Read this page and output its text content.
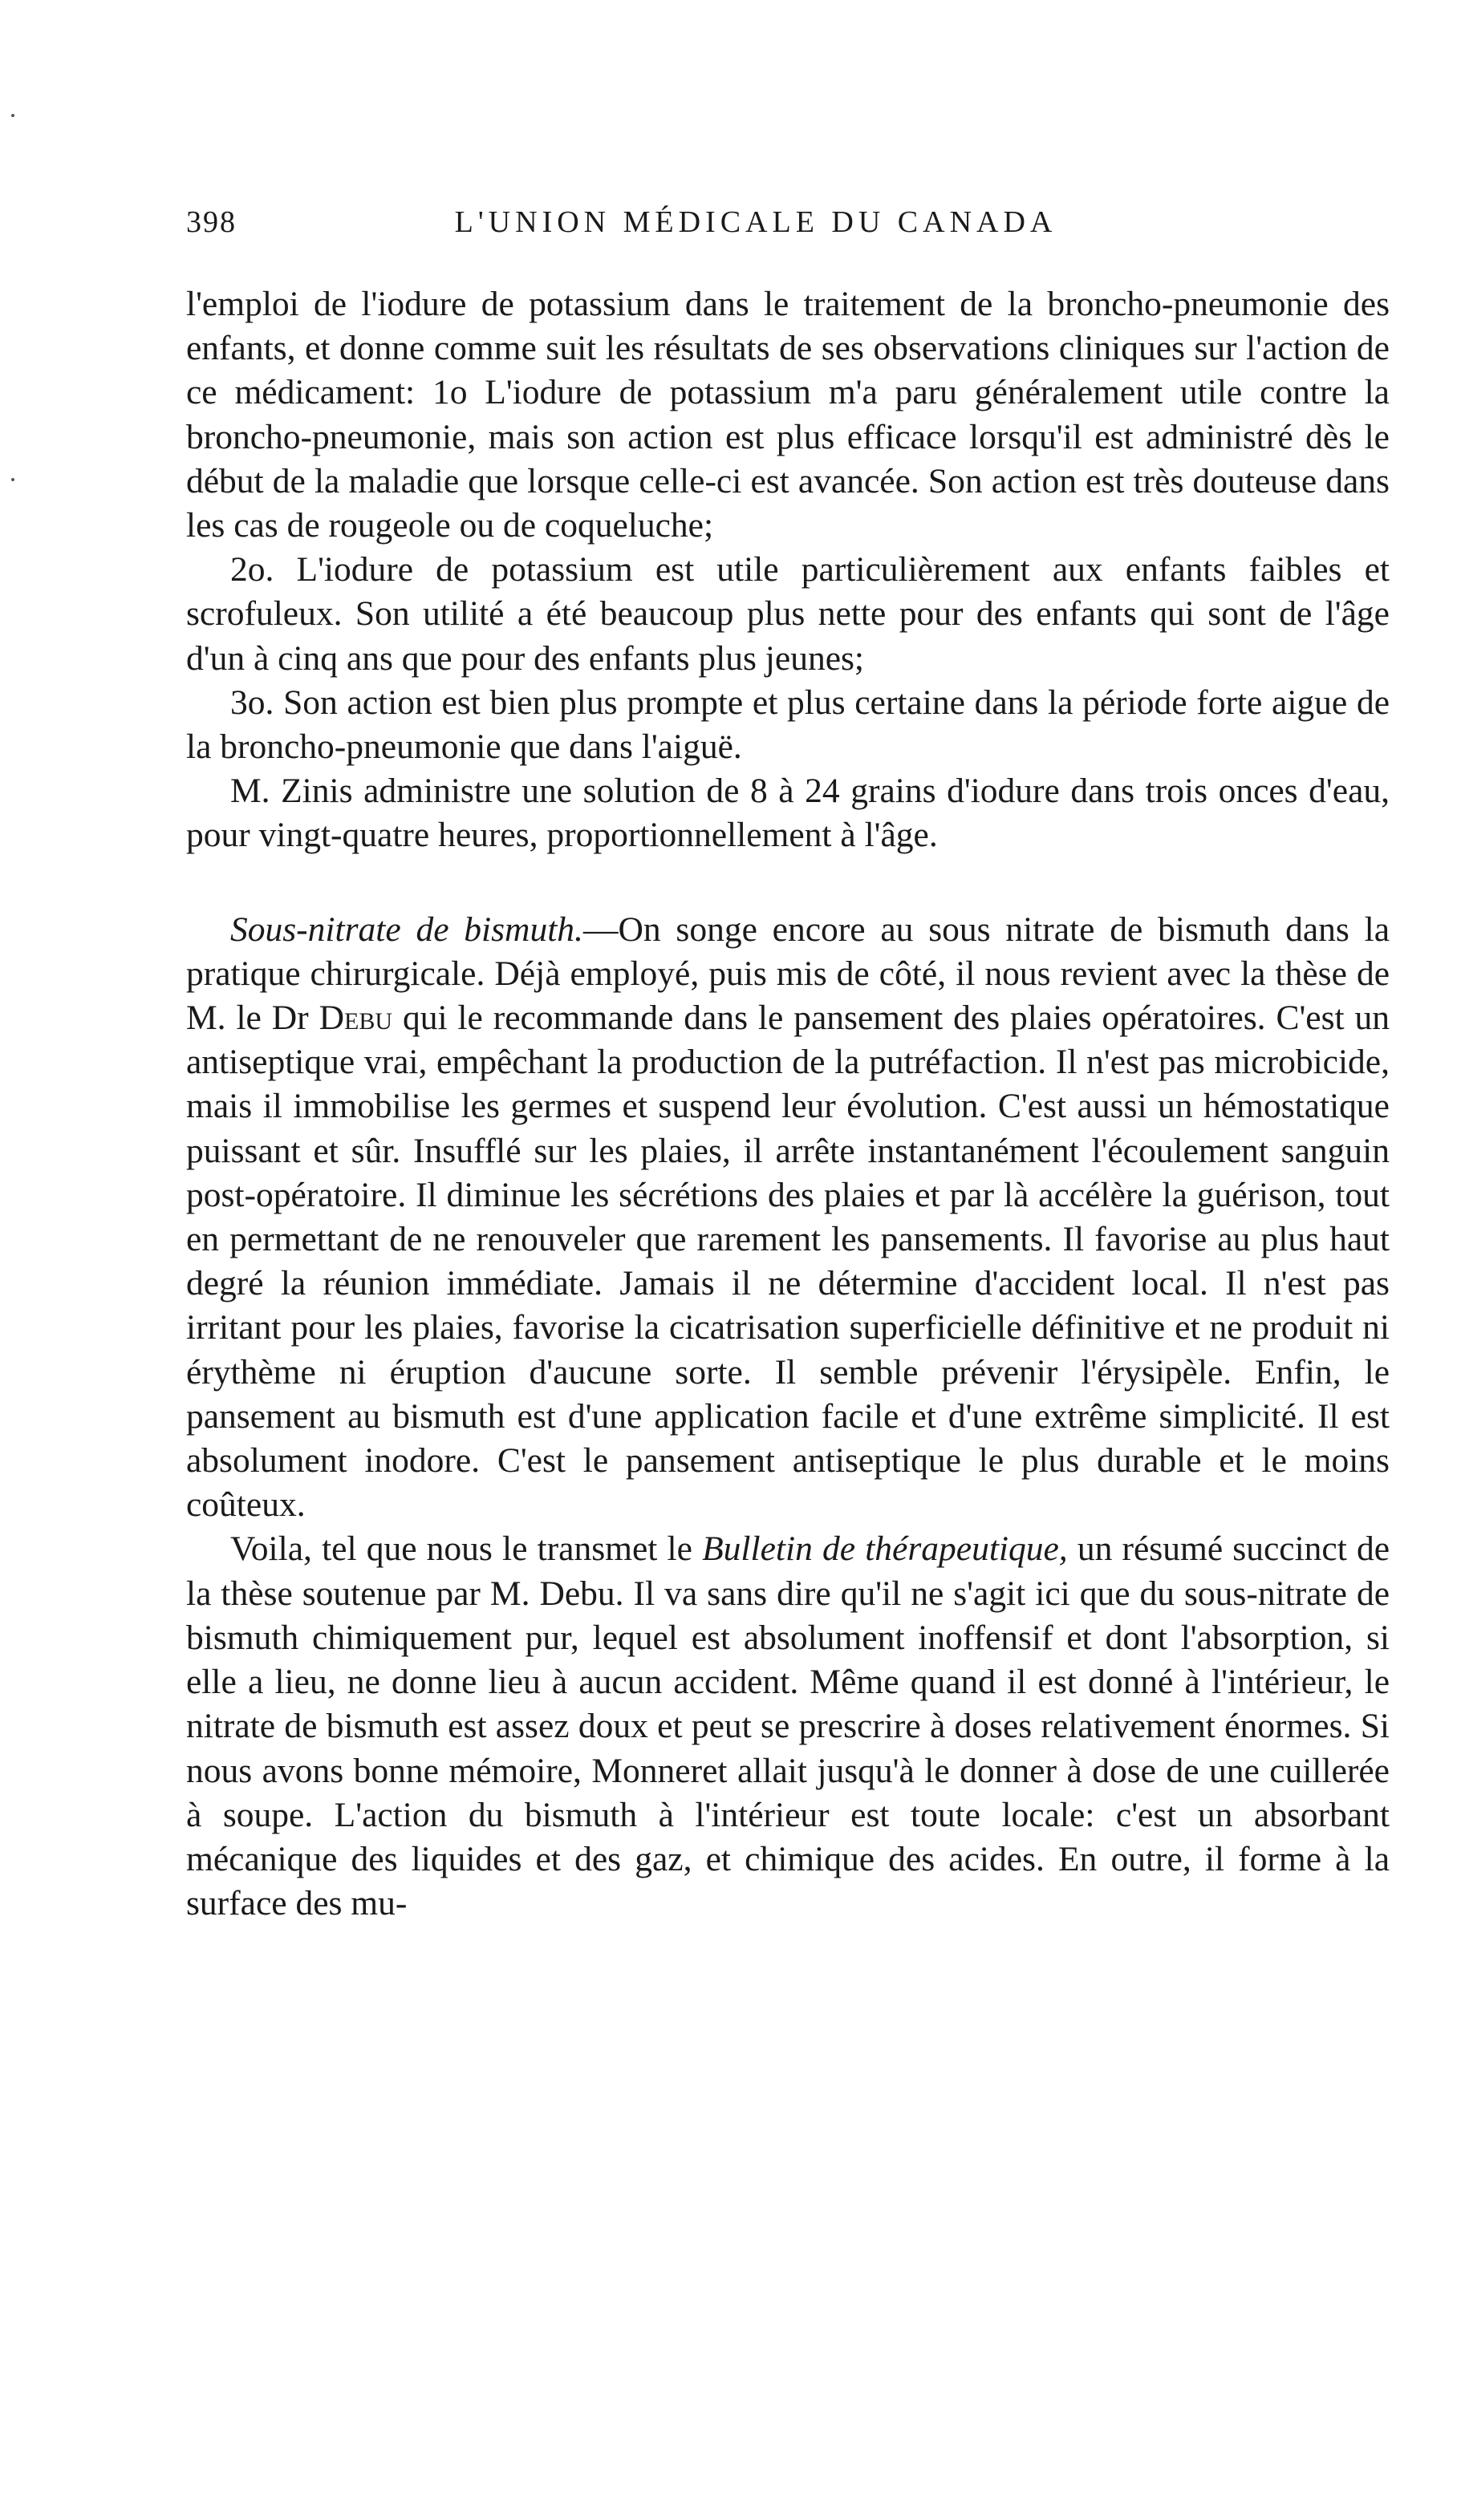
398	L'UNION MÉDICALE DU CANADA

l'emploi de l'iodure de potassium dans le traitement de la broncho-pneumonie des enfants, et donne comme suit les résultats de ses observations cliniques sur l'action de ce médicament: 1o L'iodure de potassium m'a paru généralement utile contre la broncho-pneumonie, mais son action est plus efficace lorsqu'il est administré dès le début de la maladie que lorsque celle-ci est avancée. Son action est très douteuse dans les cas de rougeole ou de coqueluche;

2o. L'iodure de potassium est utile particulièrement aux enfants faibles et scrofuleux. Son utilité a été beaucoup plus nette pour des enfants qui sont de l'âge d'un à cinq ans que pour des enfants plus jeunes;

3o. Son action est bien plus prompte et plus certaine dans la période forte aigue de la broncho-pneumonie que dans l'aiguë.

M. Zinis administre une solution de 8 à 24 grains d'iodure dans trois onces d'eau, pour vingt-quatre heures, proportionnellement à l'âge.

Sous-nitrate de bismuth.—On songe encore au sous nitrate de bismuth dans la pratique chirurgicale. Déjà employé, puis mis de côté, il nous revient avec la thèse de M. le Dr Debu qui le recommande dans le pansement des plaies opératoires. C'est un antiseptique vrai, empêchant la production de la putréfaction. Il n'est pas microbicide, mais il immobilise les germes et suspend leur évolution. C'est aussi un hémostatique puissant et sûr. Insufflé sur les plaies, il arrête instantanément l'écoulement sanguin post-opératoire. Il diminue les sécrétions des plaies et par là accélère la guérison, tout en permettant de ne renouveler que rarement les pansements. Il favorise au plus haut degré la réunion immédiate. Jamais il ne détermine d'accident local. Il n'est pas irritant pour les plaies, favorise la cicatrisation superficielle définitive et ne produit ni érythème ni éruption d'aucune sorte. Il semble prévenir l'érysipèle. Enfin, le pansement au bismuth est d'une application facile et d'une extrême simplicité. Il est absolument inodore. C'est le pansement antiseptique le plus durable et le moins coûteux.

Voila, tel que nous le transmet le Bulletin de thérapeutique, un résumé succinct de la thèse soutenue par M. Debu. Il va sans dire qu'il ne s'agit ici que du sous-nitrate de bismuth chimiquement pur, lequel est absolument inoffensif et dont l'absorption, si elle a lieu, ne donne lieu à aucun accident. Même quand il est donné à l'intérieur, le nitrate de bismuth est assez doux et peut se prescrire à doses relativement énormes. Si nous avons bonne mémoire, Monneret allait jusqu'à le donner à dose de une cuillerée à soupe. L'action du bismuth à l'intérieur est toute locale: c'est un absorbant mécanique des liquides et des gaz, et chimique des acides. En outre, il forme à la surface des mu-
